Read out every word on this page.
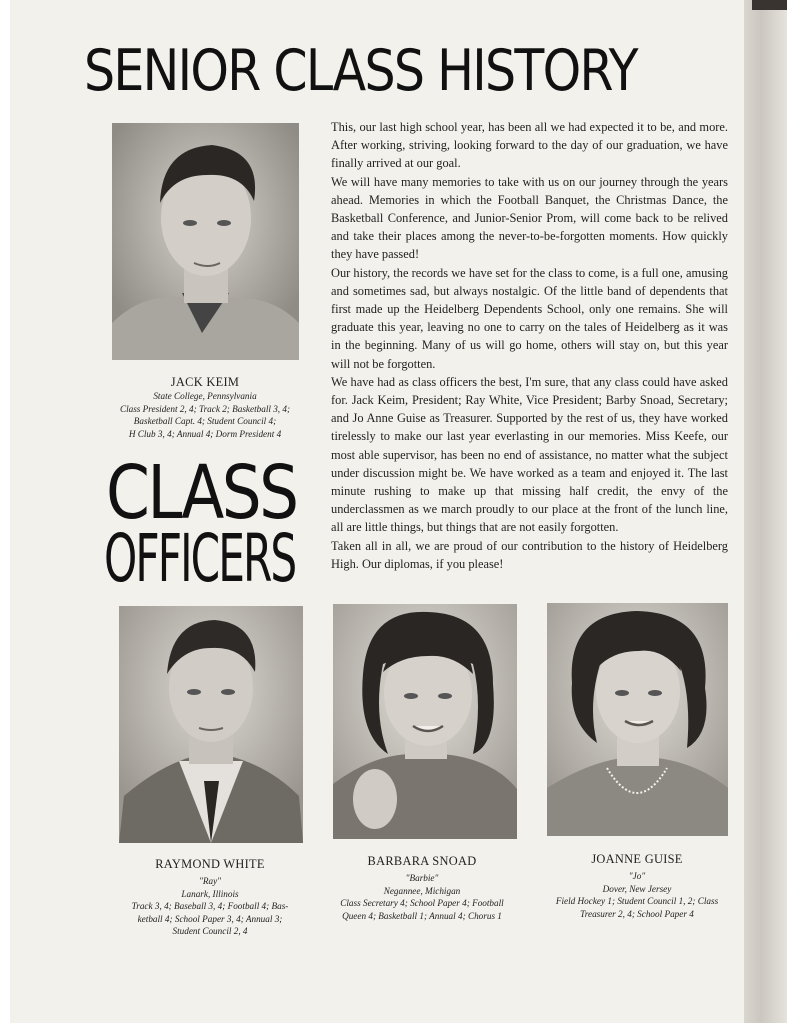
SENIOR CLASS HISTORY
JACK KEIM
State College, Pennsylvania
Class President 2, 4; Track 2; Basketball 3, 4;
Basketball Capt. 4; Student Council 4;
H Club 3, 4; Annual 4; Dorm President 4
CLASS
OFFICERS

This, our last high school year, has been all we had expected it to be, and more. After working, striving, looking forward to the day of our graduation, we have finally arrived at our goal.

We will have many memories to take with us on our journey through the years ahead. Memories in which the Football Banquet, the Christmas Dance, the Basketball Conference, and Junior-Senior Prom, will come back to be relived and take their places among the never-to-be-forgotten moments. How quickly they have passed!

Our history, the records we have set for the class to come, is a full one, amusing and sometimes sad, but always nostalgic. Of the little band of dependents that first made up the Heidelberg Dependents School, only one remains. She will graduate this year, leaving no one to carry on the tales of Heidelberg as it was in the beginning. Many of us will go home, others will stay on, but this year will not be forgotten.

We have had as class officers the best, I'm sure, that any class could have asked for. Jack Keim, President; Ray White, Vice President; Barby Snoad, Secretary; and Jo Anne Guise as Treasurer. Supported by the rest of us, they have worked tirelessly to make our last year everlasting in our memories. Miss Keefe, our most able supervisor, has been no end of assistance, no matter what the subject under discussion might be. We have worked as a team and enjoyed it. The last minute rushing to make up that missing half credit, the envy of the underclassmen as we march proudly to our place at the front of the lunch line, all are little things, but things that are not easily forgotten.

Taken all in all, we are proud of our contribution to the history of Heidelberg High. Our diplomas, if you please!

RAYMOND WHITE
"Ray"
Lanark, Illinois
Track 3, 4; Baseball 3, 4; Football 4; Bas-
ketball 4; School Paper 3, 4; Annual 3;
Student Council 2, 4
BARBARA SNOAD
"Barbie"
Negannee, Michigan
Class Secretary 4; School Paper 4; Football
Queen 4; Basketball 1; Annual 4; Chorus 1
JOANNE GUISE
"Jo"
Dover, New Jersey
Field Hockey 1; Student Council 1, 2; Class
Treasurer 2, 4; School Paper 4
